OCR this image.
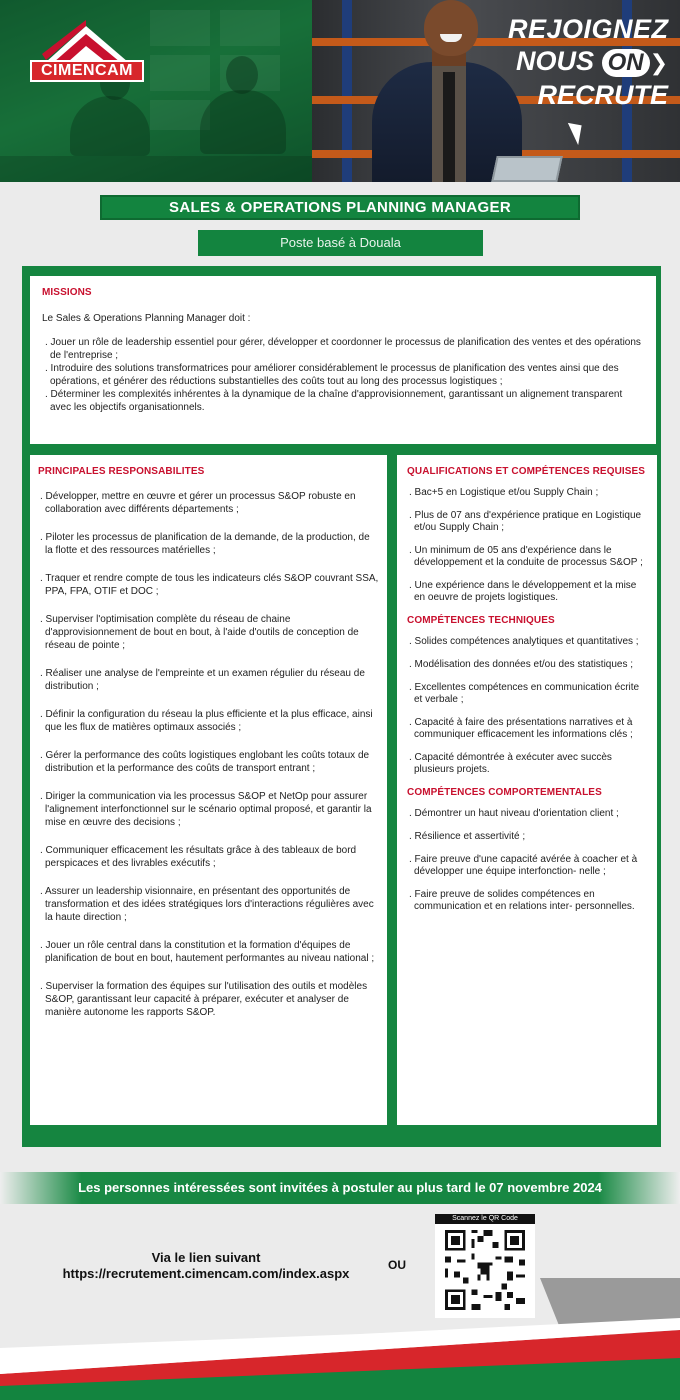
CIMENCAM
REJOIGNEZ
NOUS ON ❯
RECRUTE
SALES & OPERATIONS PLANNING MANAGER
Poste basé à Douala
MISSIONS
Le Sales & Operations Planning Manager doit :
. Jouer un rôle de leadership essentiel pour gérer, développer et coordonner le processus de planification des ventes et des opérations de l'entreprise ;
. Introduire des solutions transformatrices pour améliorer considérablement le processus de planification des ventes ainsi que des opérations, et générer des réductions substantielles des coûts tout au long des processus logistiques ;
. Déterminer les complexités inhérentes à la dynamique de la chaîne d'approvisionnement, garantissant un alignement transparent avec les objectifs organisationnels.
PRINCIPALES RESPONSABILITES
. Développer, mettre en œuvre et gérer un processus S&OP robuste en collaboration avec différents départements ;
. Piloter les processus de planification de la demande, de la production, de la flotte et des ressources matérielles ;
. Traquer et rendre compte de tous les indicateurs clés S&OP couvrant SSA, PPA, FPA, OTIF et DOC ;
. Superviser l'optimisation complète du réseau de chaine d'approvisionnement de bout en bout, à l'aide d'outils de conception de réseau de pointe ;
. Réaliser une analyse de l'empreinte et un examen régulier du réseau de distribution ;
. Définir la configuration du réseau la plus efficiente et la plus efficace, ainsi que les flux de matières optimaux associés ;
. Gérer la performance des coûts logistiques englobant les coûts totaux de distribution et la performance des coûts de transport entrant ;
. Diriger la communication via les processus S&OP et NetOp pour assurer l'alignement interfonctionnel sur le scénario optimal proposé, et garantir la mise en œuvre des decisions ;
. Communiquer efficacement les résultats grâce à des tableaux de bord perspicaces et des livrables exécutifs ;
. Assurer un leadership visionnaire, en présentant des opportunités de transformation et des idées stratégiques lors d'interactions régulières avec la haute direction ;
. Jouer un rôle central dans la constitution et la formation d'équipes de planification de bout en bout, hautement performantes au niveau national ;
. Superviser la formation des équipes sur l'utilisation des outils et modèles S&OP, garantissant leur capacité à préparer, exécuter et analyser de manière autonome les rapports S&OP.
QUALIFICATIONS ET COMPÉTENCES REQUISES
. Bac+5 en Logistique et/ou Supply Chain ;
. Plus de 07 ans d'expérience pratique en Logistique et/ou Supply Chain ;
. Un minimum de 05 ans d'expérience dans le développement et la conduite de processus S&OP ;
. Une expérience dans le développement et la mise en oeuvre de projets logistiques.
COMPÉTENCES TECHNIQUES
. Solides compétences analytiques et quantitatives ;
. Modélisation des données et/ou des statistiques ;
. Excellentes compétences en communication écrite et verbale ;
. Capacité à faire des présentations narratives et à communiquer efficacement les informations clés ;
. Capacité démontrée à exécuter avec succès plusieurs projets.
COMPÉTENCES COMPORTEMENTALES
. Démontrer un haut niveau d'orientation client ;
. Résilience et assertivité ;
. Faire preuve d'une capacité avérée à coacher et à développer une équipe interfonction- nelle ;
. Faire preuve de solides compétences en communication et en relations inter- personnelles.
Les personnes intéressées sont invitées à postuler au plus tard le 07 novembre 2024
Via le lien suivant
https://recrutement.cimencam.com/index.aspx
OU
Scannez le QR Code
